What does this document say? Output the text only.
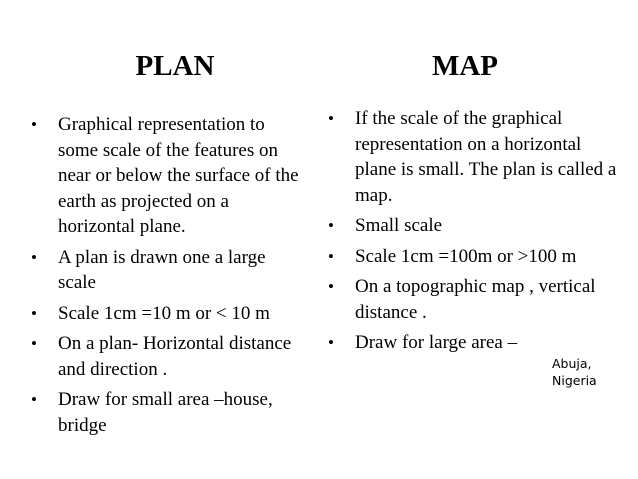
PLAN	MAP
• Graphical representation to some scale of the features on near or below the surface of the earth as projected on a horizontal plane.
• A plan is drawn one a large scale
• Scale 1cm =10 m or < 10 m
• On a plan- Horizontal distance and direction .
• Draw for small area –house, bridge
• If the scale of the graphical representation on a horizontal plane is small. The plan is called a map.
• Small scale
• Scale 1cm =100m or >100 m
• On a topographic map , vertical distance .
• Draw for large area –
Abuja,
Nigeria
